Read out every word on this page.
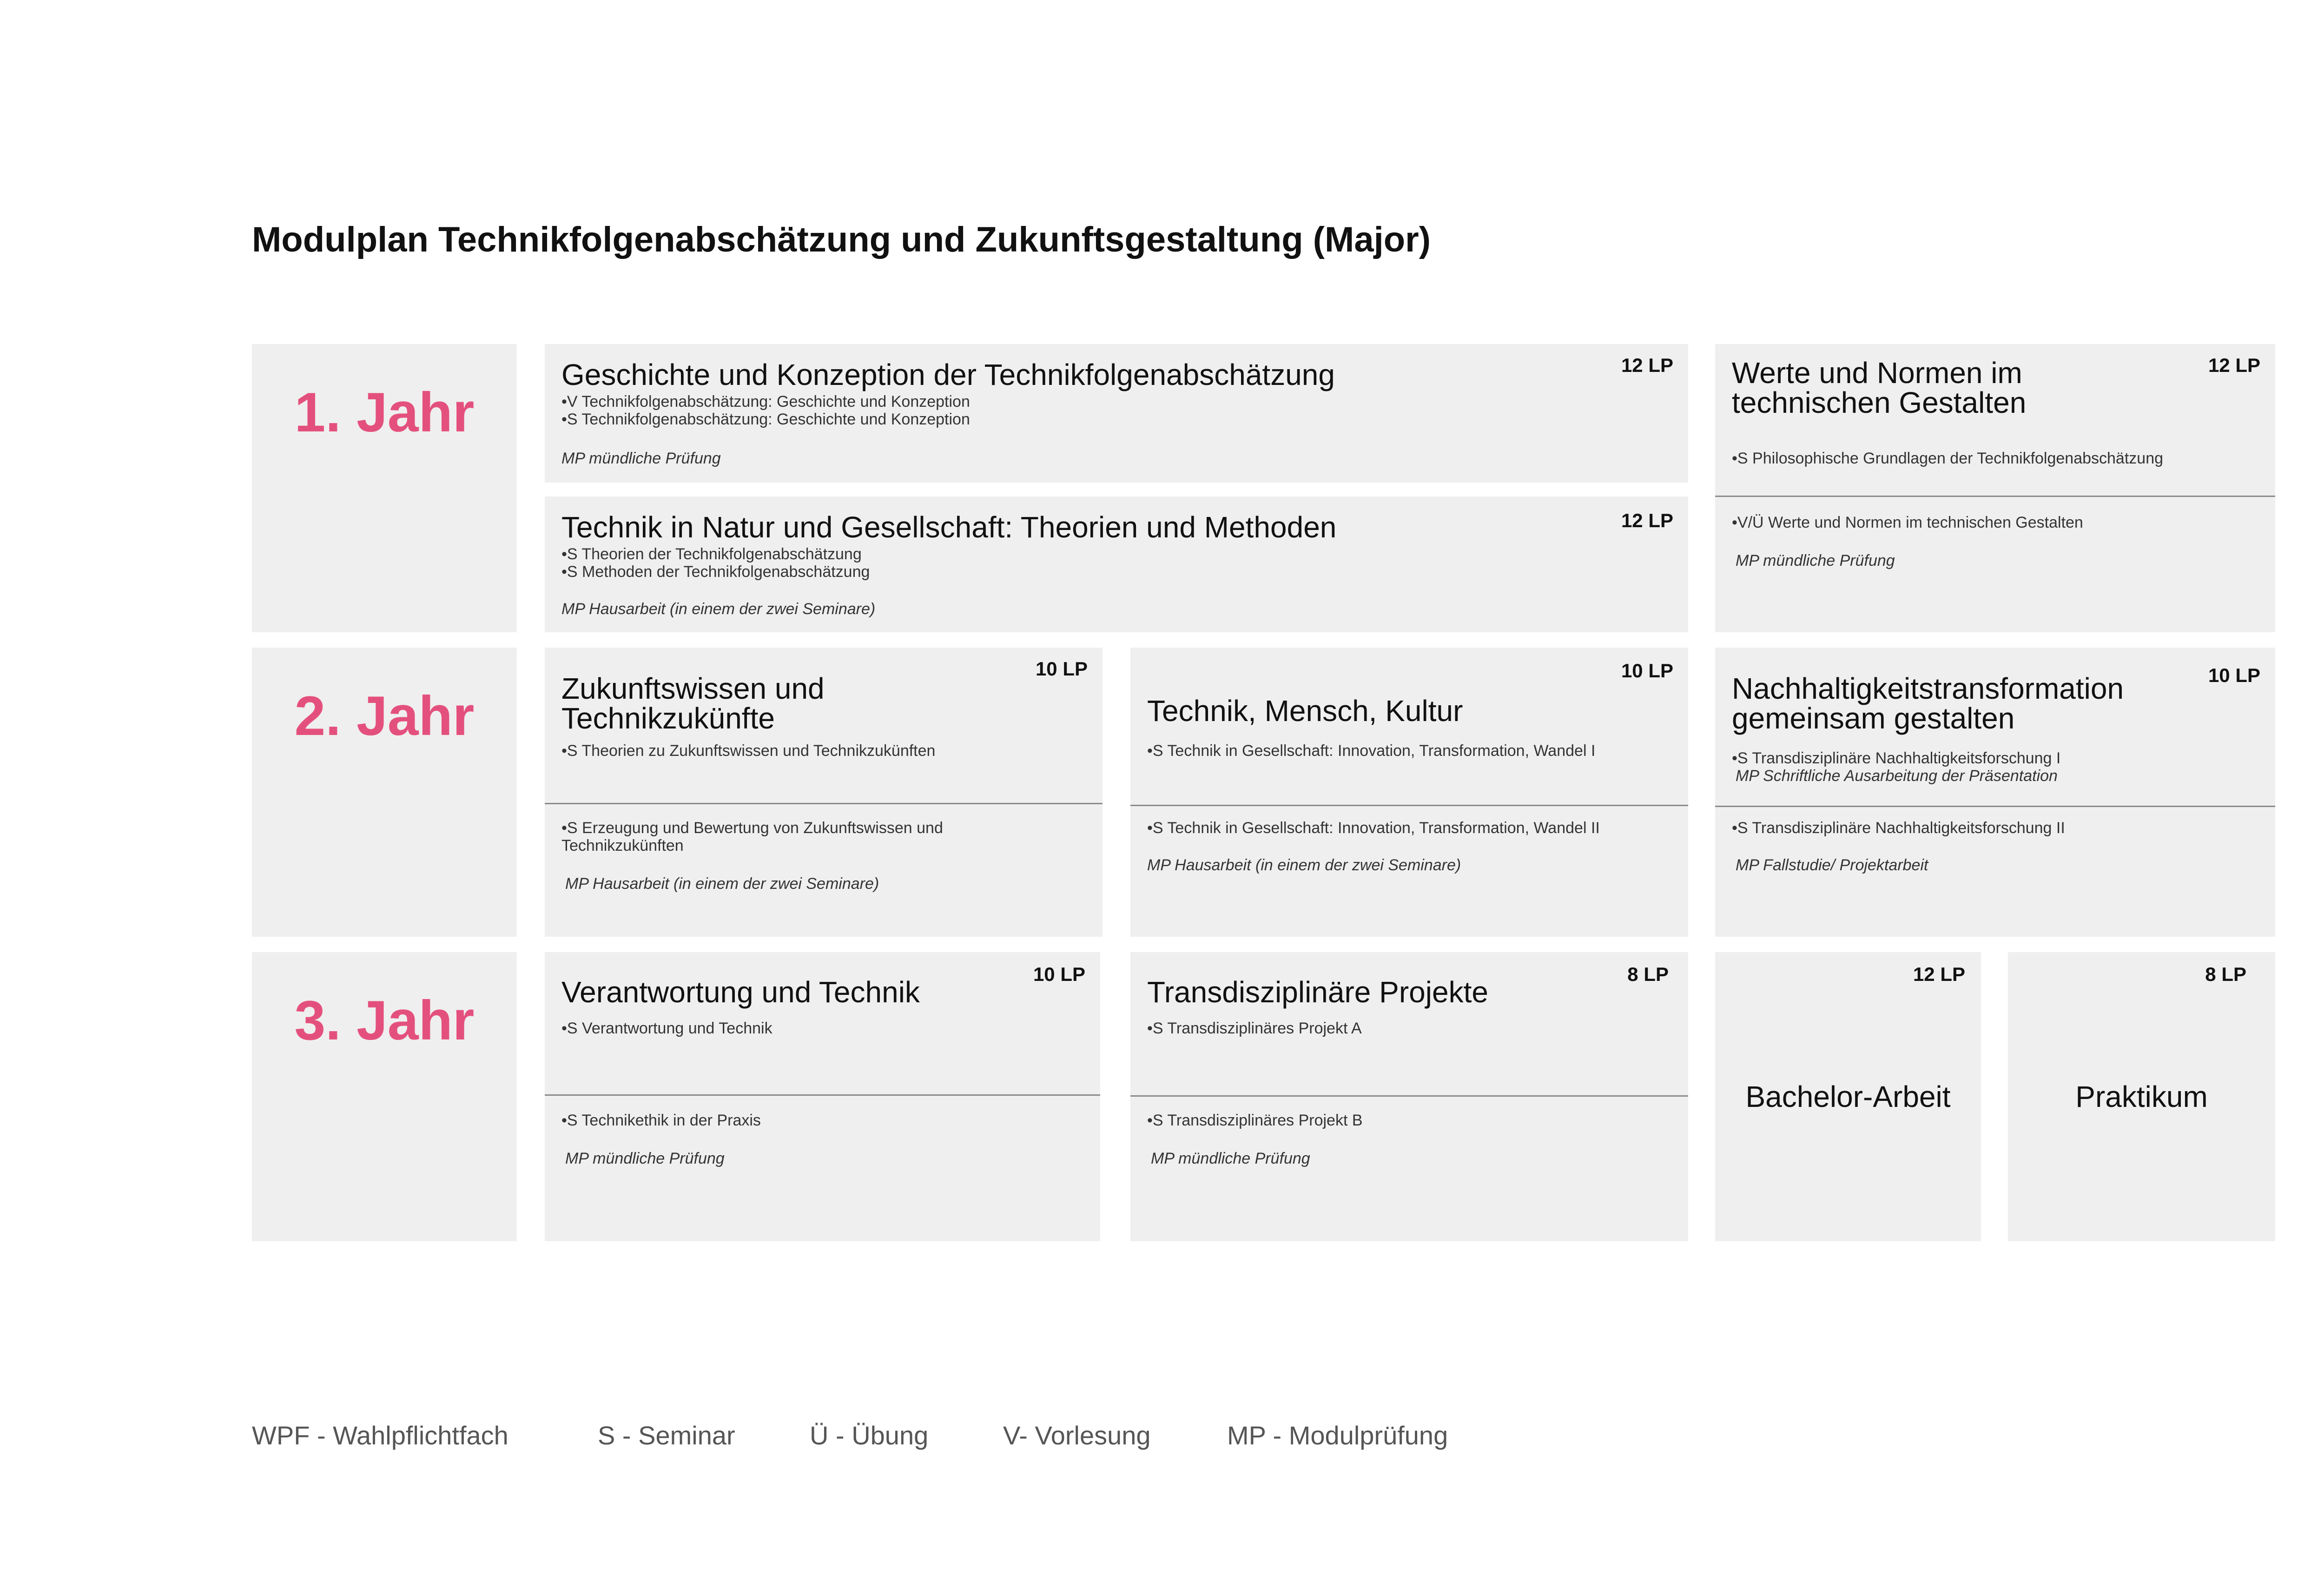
Modulplan Technikfolgenabschätzung und Zukunftsgestaltung (Major)
1. Jahr
2. Jahr
3. Jahr
Geschichte und Konzeption der Technikfolgenabschätzung	12 LP
•V Technikfolgenabschätzung: Geschichte und Konzeption
•S Technikfolgenabschätzung: Geschichte und Konzeption
MP mündliche Prüfung
Technik in Natur und Gesellschaft: Theorien und Methoden	12 LP
•S Theorien der Technikfolgenabschätzung
•S Methoden der Technikfolgenabschätzung
MP Hausarbeit (in einem der zwei Seminare)
Werte und Normen im
technischen Gestalten
12 LP
•S Philosophische Grundlagen der Technikfolgenabschätzung
•V/Ü Werte und Normen im technischen Gestalten
MP mündliche Prüfung
Zukunftswissen und
Technikzukünfte
10 LP
•S Theorien zu Zukunftswissen und Technikzukünften
•S Erzeugung und Bewertung von Zukunftswissen und
Technikzukünften
MP Hausarbeit (in einem der zwei Seminare)
Technik, Mensch, Kultur
10 LP
•S Technik in Gesellschaft: Innovation, Transformation, Wandel I
•S Technik in Gesellschaft: Innovation, Transformation, Wandel II
MP Hausarbeit (in einem der zwei Seminare)
Nachhaltigkeitstransformation
gemeinsam gestalten
10 LP
•S Transdisziplinäre Nachhaltigkeitsforschung I
MP Schriftliche Ausarbeitung der Präsentation
•S Transdisziplinäre Nachhaltigkeitsforschung II
MP Fallstudie/ Projektarbeit
Verantwortung und Technik
10 LP
•S Verantwortung und Technik
•S Technikethik in der Praxis
MP mündliche Prüfung
Transdisziplinäre Projekte
8 LP
•S Transdisziplinäres Projekt A
•S Transdisziplinäres Projekt B
MP mündliche Prüfung
12 LP
Bachelor-Arbeit
8 LP
Praktikum
WPF - Wahlpflichtfach	S - Seminar	Ü - Übung	V- Vorlesung	MP - Modulprüfung
